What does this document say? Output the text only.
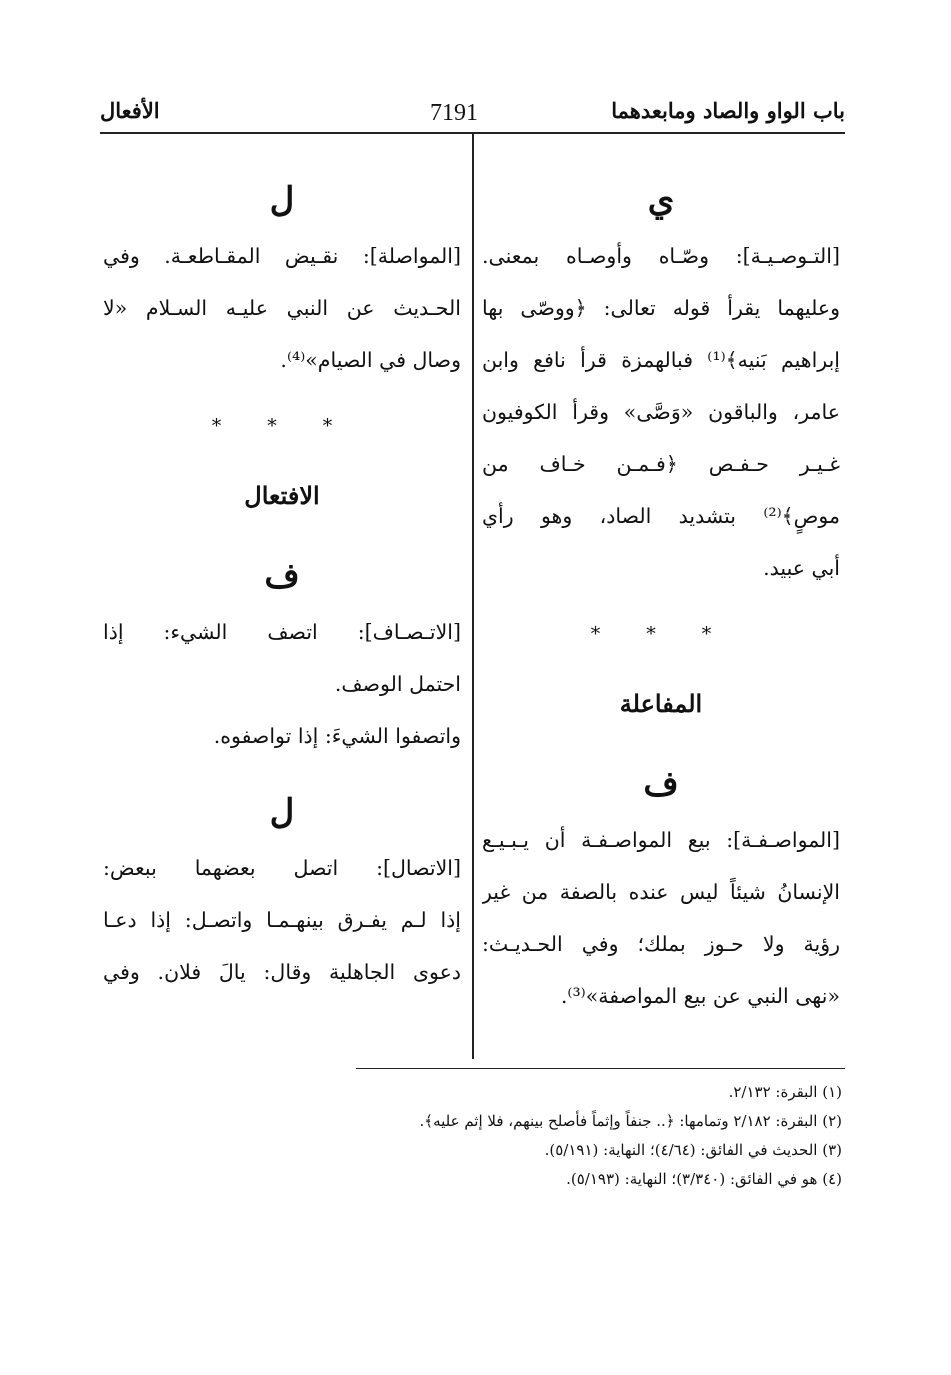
باب الواو والصاد ومابعدهما
7191
الأفعال
ي
[التـوصـيـة]: وصّـاه وأوصـاه بمعنى.
وعليهما يقرأ قوله تعالى: ﴿ووصّى بها
إبراهيم بَنيه﴾⁽¹⁾ فبالهمزة قرأ نافع وابن
عامر، والباقون «وَصَّى» وقرأ الكوفيون
غـيـر حـفـص ﴿فـمـن خـاف من
موصٍ﴾⁽²⁾ بتشديد الصاد، وهو رأي
أبي عبيد.
* * *
المفاعلة
ف
[المواصـفـة]: بيع المواصـفـة أن يـبـيـع
الإنسانُ شيئاً ليس عنده بالصفة من غير
رؤية ولا حـوز بملك؛ وفي الحـديـث:
«نهى النبي عن بيع المواصفة»⁽³⁾.
ل
[المواصلة]: نقـيض المقـاطعـة. وفي
الحـديث عن النبي عليـه السـلام «لا
وصال في الصيام»⁽⁴⁾.
* * *
الافتعال
ف
[الاتـصـاف]: اتصف الشيء: إذا
احتمل الوصف.
واتصفوا الشيءَ: إذا تواصفوه.
ل
[الاتصال]: اتصل بعضهما ببعض:
إذا لـم يفـرق بينهـمـا واتصـل: إذا دعـا
دعوى الجاهلية وقال: يالَ فلان. وفي
(١) البقرة: ٢/١٣٢.
(٢) البقرة: ٢/١٨٢ وتمامها: ﴿.. جنفاً وإثماً فأصلح بينهم، فلا إثم عليه﴾.
(٣) الحديث في الفائق: (٤/٦٤)؛ النهاية: (٥/١٩١).
(٤) هو في الفائق: (٣/٣٤٠)؛ النهاية: (٥/١٩٣).
